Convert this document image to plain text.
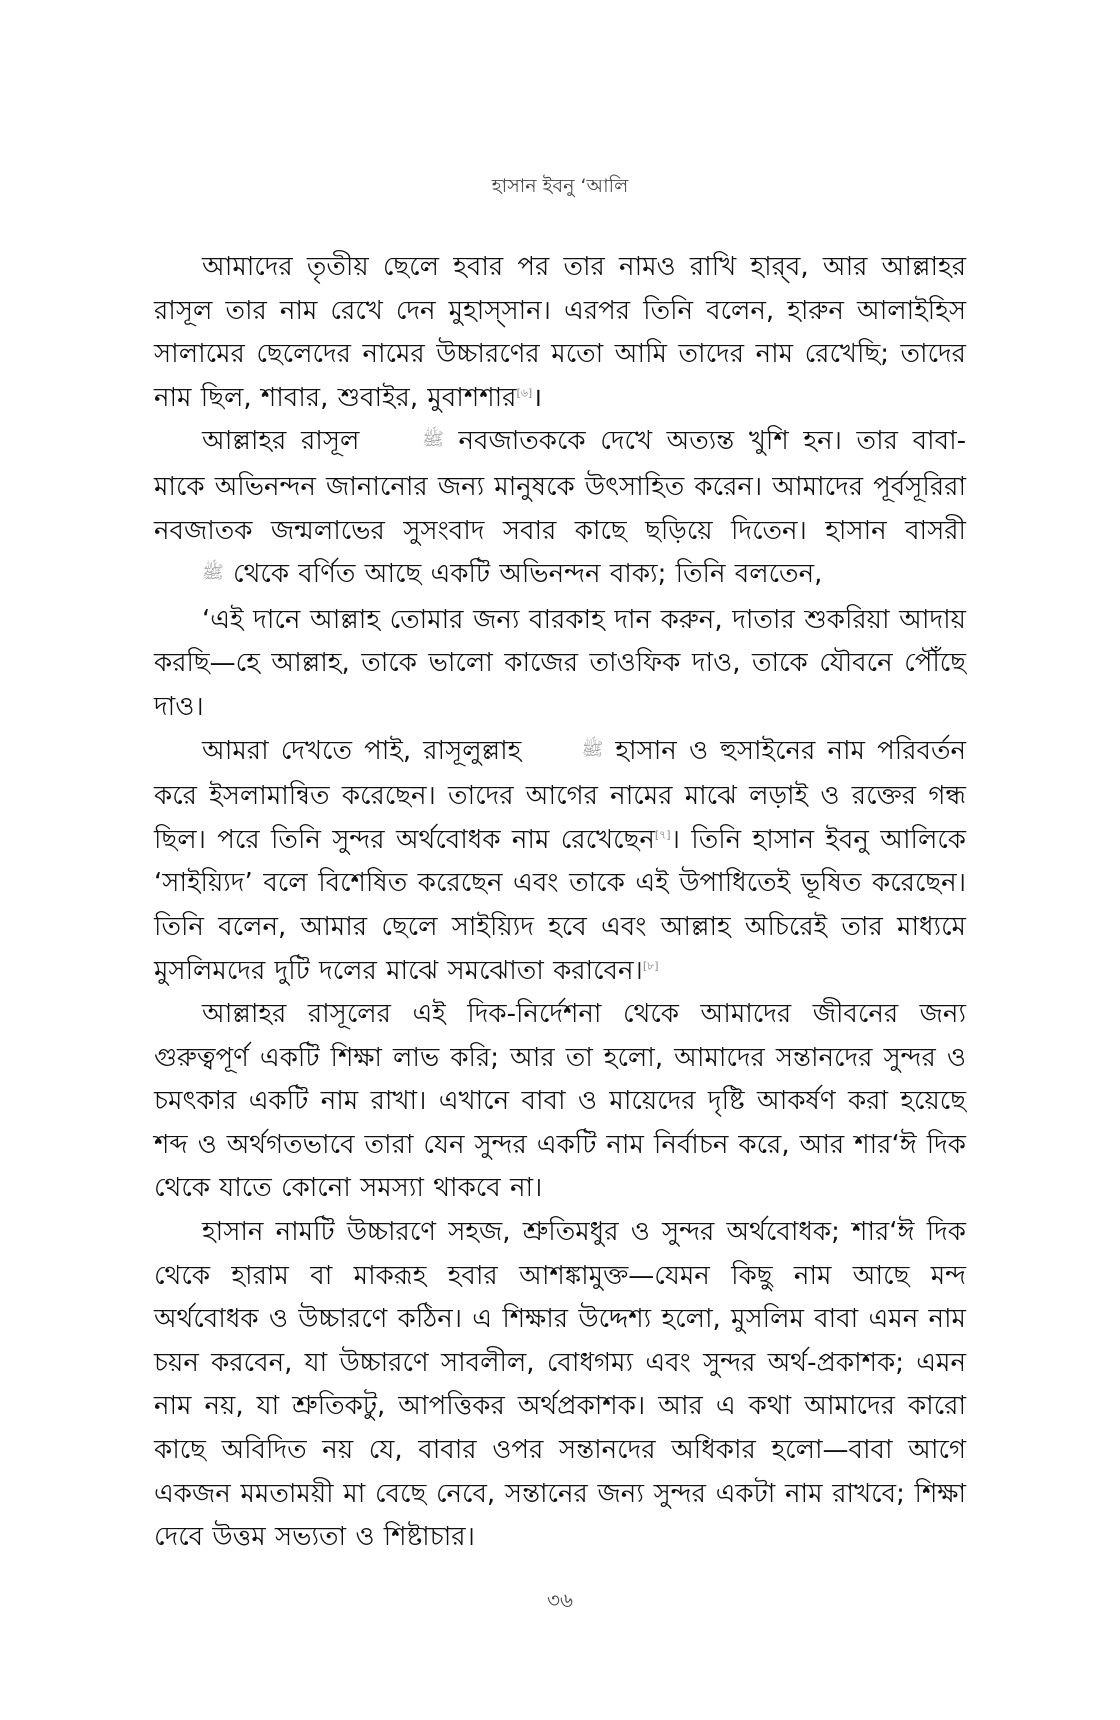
হাসান ইবনু ‘আলি

আমাদের তৃতীয় ছেলে হবার পর তার নামও রাখি হার্‌ব, আর আল্লাহর রাসূল তার নাম রেখে দেন মুহাস্‌সান। এরপর তিনি বলেন, হারুন আলাইহিস সালামের ছেলেদের নামের উচ্চারণের মতো আমি তাদের নাম রেখেছি; তাদের নাম ছিল, শাবার, শুবাইর, মুবাশশার[৬]।

আল্লাহর রাসূল	ﷺ নবজাতককে দেখে অত্যন্ত খুশি হন। তার বাবা-মাকে অভিনন্দন জানানোর জন্য মানুষকে উৎসাহিত করেন। আমাদের পূর্বসূরিরা নবজাতক জন্মলাভের সুসংবাদ সবার কাছে ছড়িয়ে দিতেন। হাসান বাসরী ﷺ থেকে বর্ণিত আছে একটি অভিনন্দন বাক্য; তিনি বলতেন,

‘এই দানে আল্লাহ তোমার জন্য বারকাহ দান করুন, দাতার শুকরিয়া আদায় করছি—হে আল্লাহ, তাকে ভালো কাজের তাওফিক দাও, তাকে যৌবনে পৌঁছে দাও।

আমরা দেখতে পাই, রাসূলুল্লাহ	ﷺ হাসান ও হুসাইনের নাম পরিবর্তন করে ইসলামান্বিত করেছেন। তাদের আগের নামের মাঝে লড়াই ও রক্তের গন্ধ ছিল। পরে তিনি সুন্দর অর্থবোধক নাম রেখেছেন[৭]। তিনি হাসান ইবনু আলিকে ‘সাইয়্যিদ’ বলে বিশেষিত করেছেন এবং তাকে এই উপাধিতেই ভূষিত করেছেন। তিনি বলেন, আমার ছেলে সাইয়্যিদ হবে এবং আল্লাহ অচিরেই তার মাধ্যমে মুসলিমদের দুটি দলের মাঝে সমঝোতা করাবেন।[৮]

আল্লাহর রাসূলের এই দিক-নির্দেশনা থেকে আমাদের জীবনের জন্য গুরুত্বপূর্ণ একটি শিক্ষা লাভ করি; আর তা হলো, আমাদের সন্তানদের সুন্দর ও চমৎকার একটি নাম রাখা। এখানে বাবা ও মায়েদের দৃষ্টি আকর্ষণ করা হয়েছে শব্দ ও অর্থগতভাবে তারা যেন সুন্দর একটি নাম নির্বাচন করে, আর শার‘ঈ দিক থেকে যাতে কোনো সমস্যা থাকবে না।

হাসান নামটি উচ্চারণে সহজ, শ্রুতিমধুর ও সুন্দর অর্থবোধক; শার‘ঈ দিক থেকে হারাম বা মাকরূহ হবার আশঙ্কামুক্ত—যেমন কিছু নাম আছে মন্দ অর্থবোধক ও উচ্চারণে কঠিন। এ শিক্ষার উদ্দেশ্য হলো, মুসলিম বাবা এমন নাম চয়ন করবেন, যা উচ্চারণে সাবলীল, বোধগম্য এবং সুন্দর অর্থ-প্রকাশক; এমন নাম নয়, যা শ্রুতিকটু, আপত্তিকর অর্থপ্রকাশক। আর এ কথা আমাদের কারো কাছে অবিদিত নয় যে, বাবার ওপর সন্তানদের অধিকার হলো—বাবা আগে একজন মমতাময়ী মা বেছে নেবে, সন্তানের জন্য সুন্দর একটা নাম রাখবে; শিক্ষা দেবে উত্তম সভ্যতা ও শিষ্টাচার।

৩৬
